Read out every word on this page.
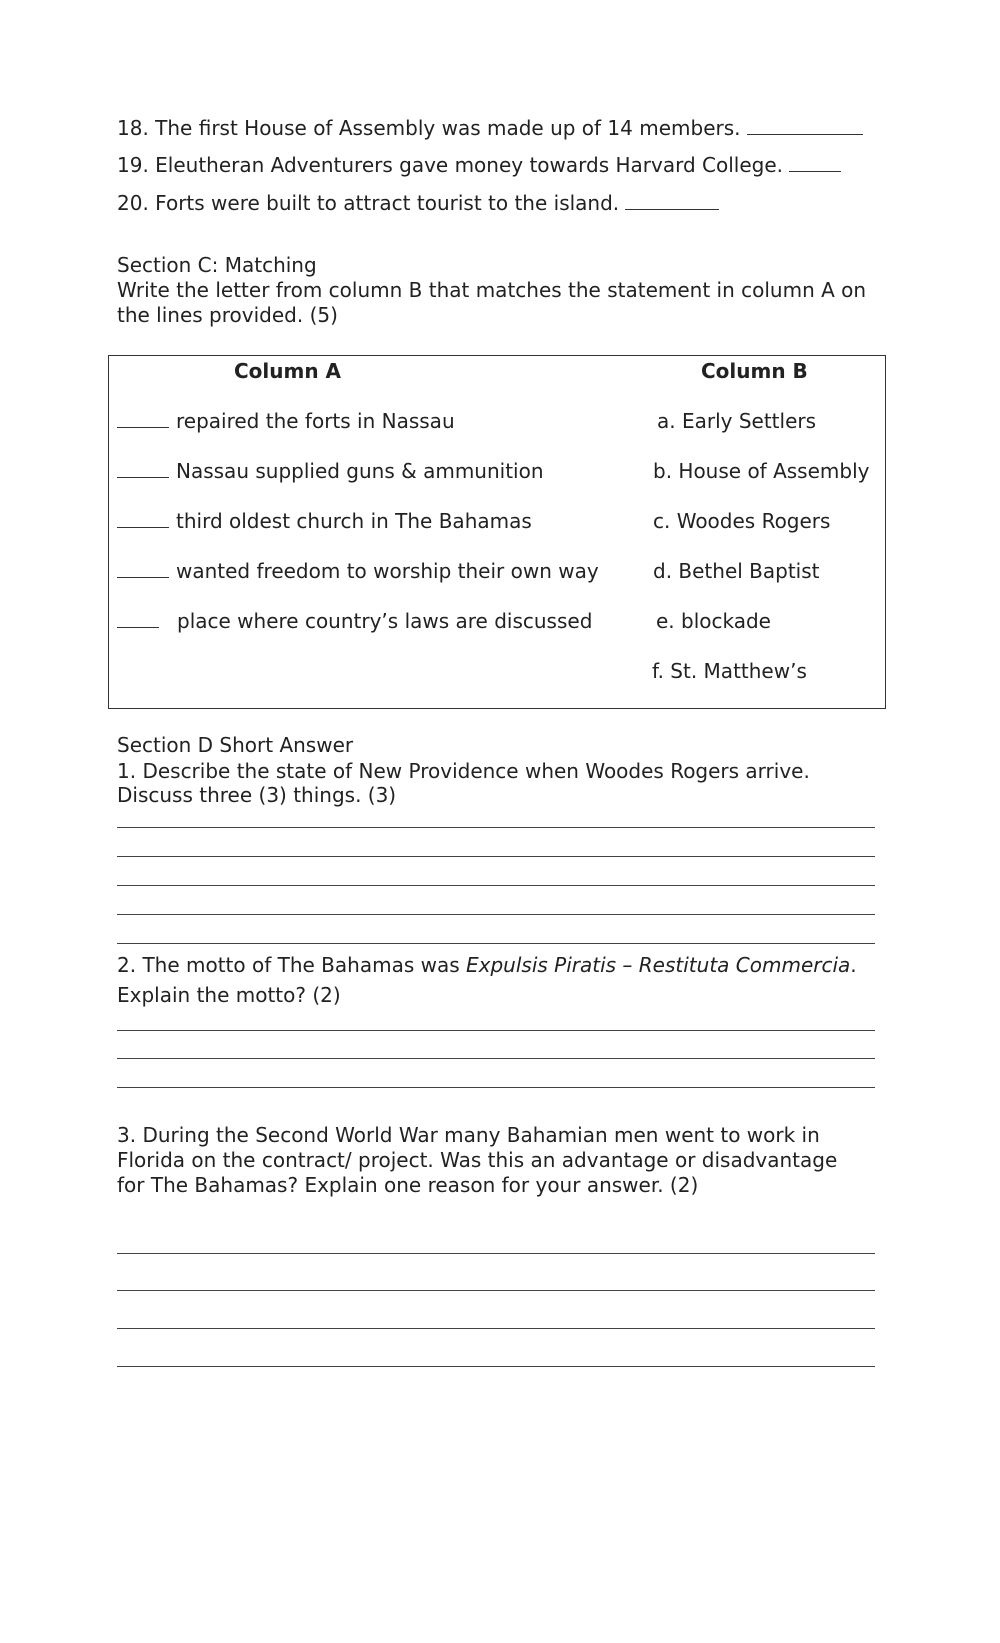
18. The first House of Assembly was made up of 14 members.
19. Eleutheran Adventurers gave money towards Harvard College.
20. Forts were built to attract tourist to the island.
Section C: Matching
Write the letter from column B that matches the statement in column A on
the lines provided. (5)
Column A	Column B
repaired the forts in Nassau
Nassau supplied guns & ammunition
third oldest church in The Bahamas
wanted freedom to worship their own way
place where country’s laws are discussed
a. Early Settlers
b. House of Assembly
c. Woodes Rogers
d. Bethel Baptist
e. blockade
f. St. Matthew’s
Section D Short Answer
1. Describe the state of New Providence when Woodes Rogers arrive.
Discuss three (3) things. (3)
2. The motto of The Bahamas was Expulsis Piratis – Restituta Commercia.
Explain the motto? (2)
3. During the Second World War many Bahamian men went to work in
Florida on the contract/ project. Was this an advantage or disadvantage
for The Bahamas? Explain one reason for your answer. (2)
